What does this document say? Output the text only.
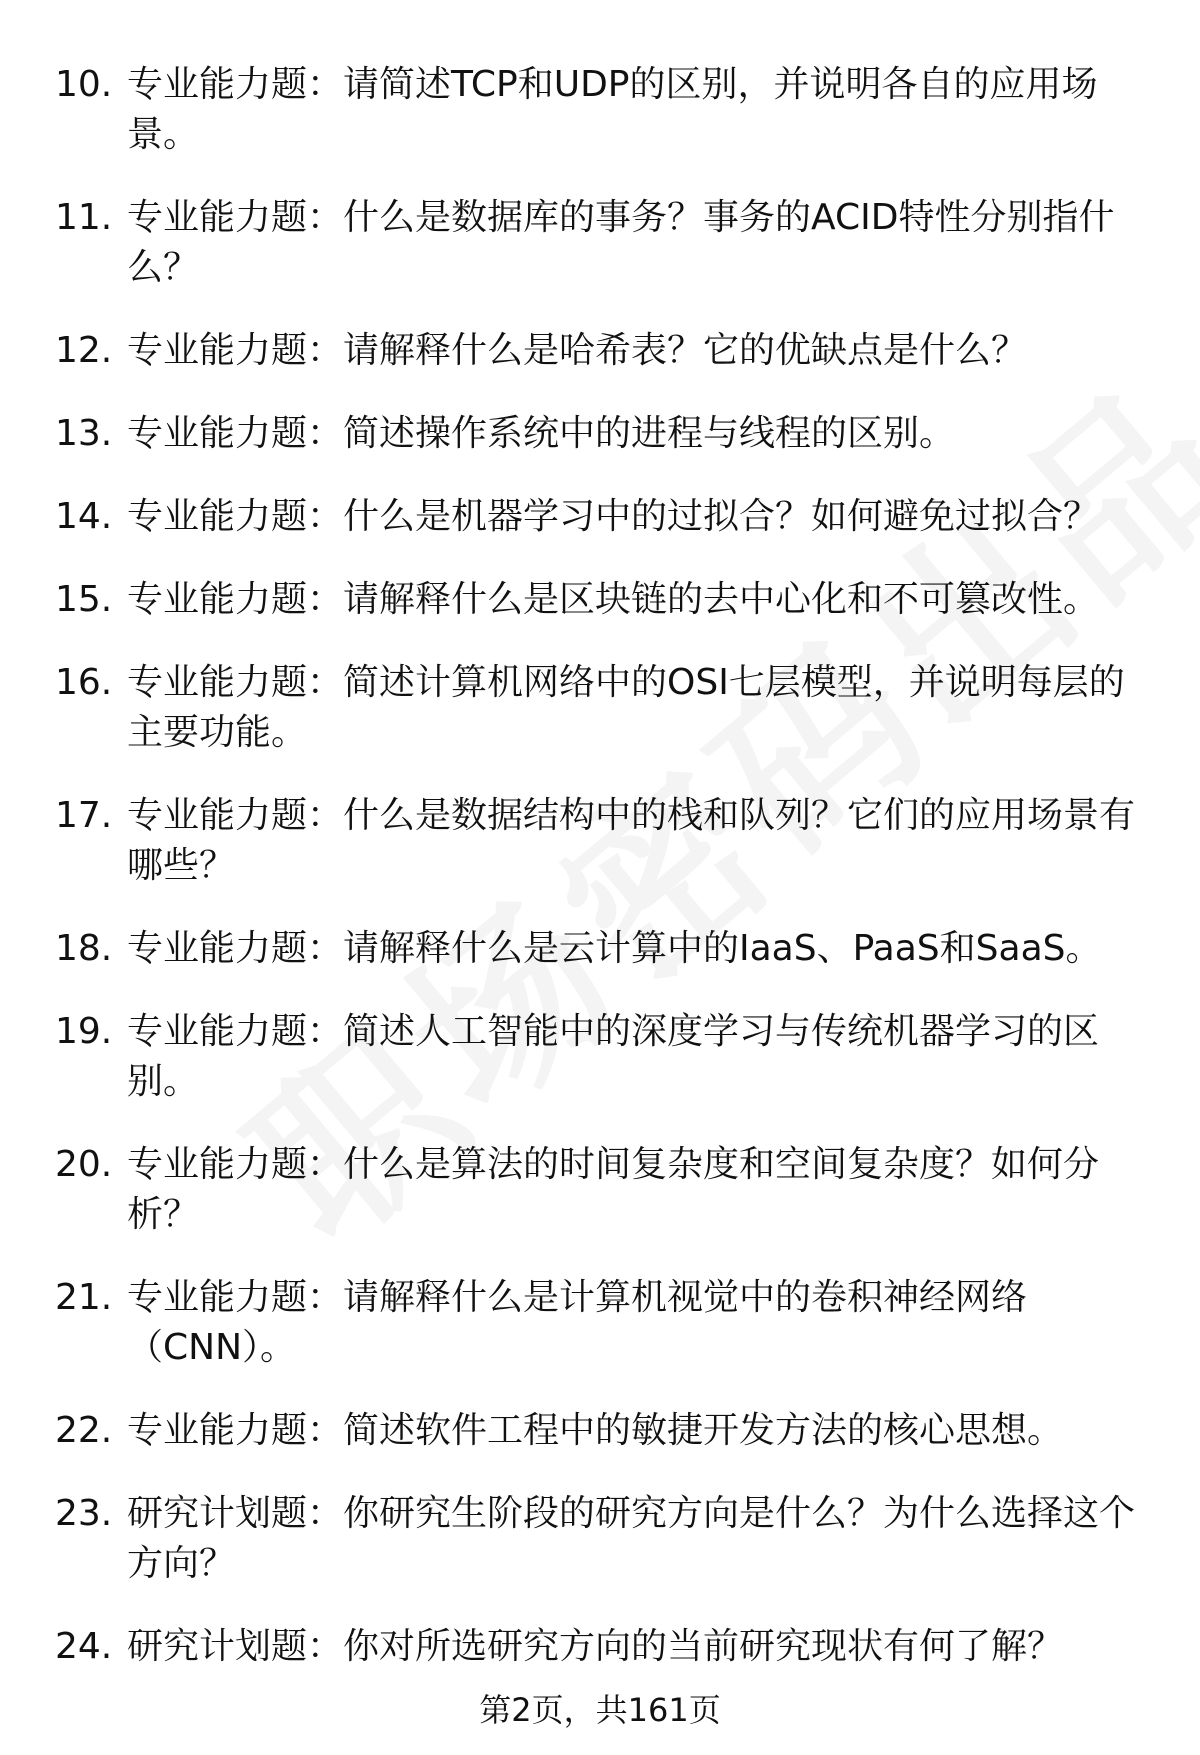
10. 专业能力题：请简述TCP和UDP的区别，并说明各自的应用场景。
11. 专业能力题：什么是数据库的事务？事务的ACID特性分别指什么？
12. 专业能力题：请解释什么是哈希表？它的优缺点是什么？
13. 专业能力题：简述操作系统中的进程与线程的区别。
14. 专业能力题：什么是机器学习中的过拟合？如何避免过拟合？
15. 专业能力题：请解释什么是区块链的去中心化和不可篡改性。
16. 专业能力题：简述计算机网络中的OSI七层模型，并说明每层的主要功能。
17. 专业能力题：什么是数据结构中的栈和队列？它们的应用场景有哪些？
18. 专业能力题：请解释什么是云计算中的IaaS、PaaS和SaaS。
19. 专业能力题：简述人工智能中的深度学习与传统机器学习的区别。
20. 专业能力题：什么是算法的时间复杂度和空间复杂度？如何分析？
21. 专业能力题：请解释什么是计算机视觉中的卷积神经网络（CNN）。
22. 专业能力题：简述软件工程中的敏捷开发方法的核心思想。
23. 研究计划题：你研究生阶段的研究方向是什么？为什么选择这个方向？
24. 研究计划题：你对所选研究方向的当前研究现状有何了解？
第2页，共161页
